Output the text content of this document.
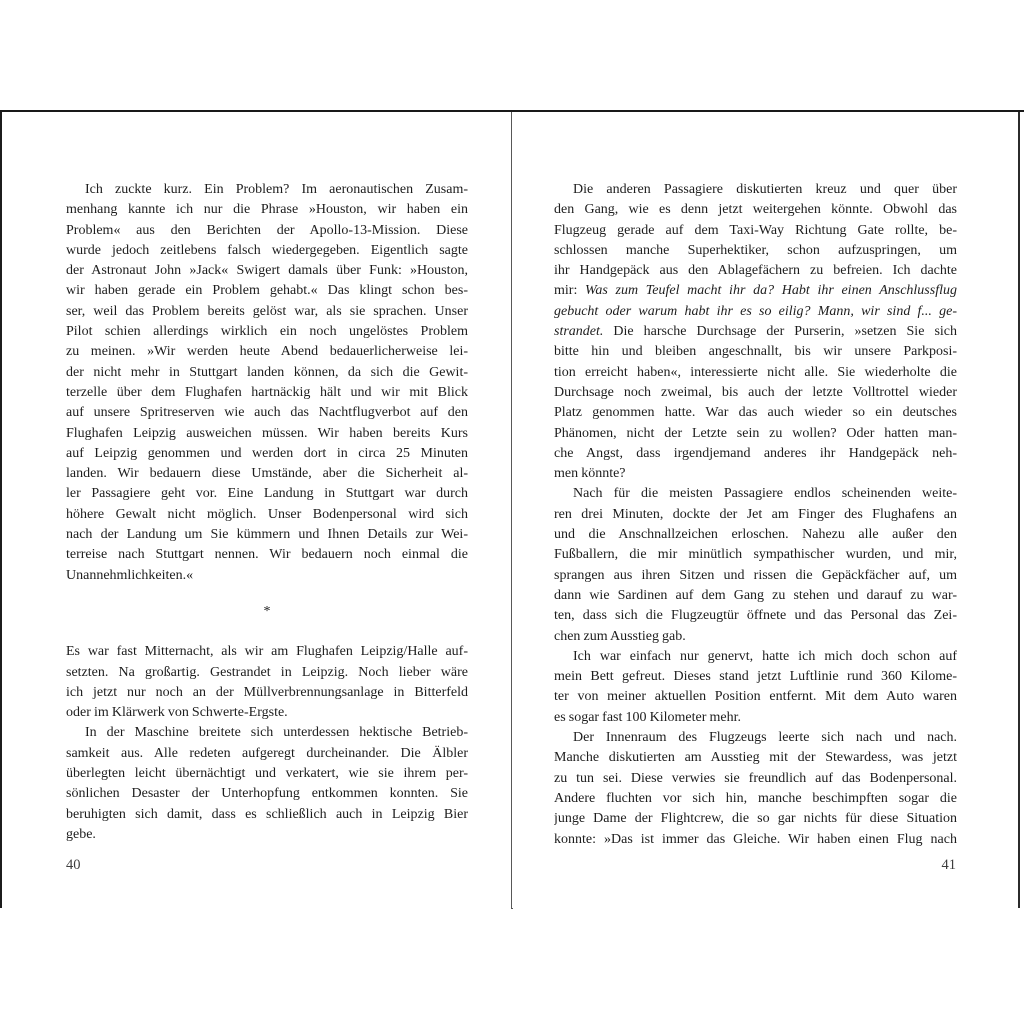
Ich zuckte kurz. Ein Problem? Im aeronautischen Zusam-
menhang kannte ich nur die Phrase »Houston, wir haben ein
Problem« aus den Berichten der Apollo-13-Mission. Diese
wurde jedoch zeitlebens falsch wiedergegeben. Eigentlich sagte
der Astronaut John »Jack« Swigert damals über Funk: »Houston,
wir haben gerade ein Problem gehabt.« Das klingt schon bes-
ser, weil das Problem bereits gelöst war, als sie sprachen. Unser
Pilot schien allerdings wirklich ein noch ungelöstes Problem
zu meinen. »Wir werden heute Abend bedauerlicherweise lei-
der nicht mehr in Stuttgart landen können, da sich die Gewit-
terzelle über dem Flughafen hartnäckig hält und wir mit Blick
auf unsere Spritreserven wie auch das Nachtflugverbot auf den
Flughafen Leipzig ausweichen müssen. Wir haben bereits Kurs
auf Leipzig genommen und werden dort in circa 25 Minuten
landen. Wir bedauern diese Umstände, aber die Sicherheit al-
ler Passagiere geht vor. Eine Landung in Stuttgart war durch
höhere Gewalt nicht möglich. Unser Bodenpersonal wird sich
nach der Landung um Sie kümmern und Ihnen Details zur Wei-
terreise nach Stuttgart nennen. Wir bedauern noch einmal die
Unannehmlichkeiten.«
*
Es war fast Mitternacht, als wir am Flughafen Leipzig/Halle auf-
setzten. Na großartig. Gestrandet in Leipzig. Noch lieber wäre
ich jetzt nur noch an der Müllverbrennungsanlage in Bitterfeld
oder im Klärwerk von Schwerte-Ergste.
In der Maschine breitete sich unterdessen hektische Betrieb-
samkeit aus. Alle redeten aufgeregt durcheinander. Die Älbler
überlegten leicht übernächtigt und verkatert, wie sie ihrem per-
sönlichen Desaster der Unterhopfung entkommen konnten. Sie
beruhigten sich damit, dass es schließlich auch in Leipzig Bier
gebe.
40
Die anderen Passagiere diskutierten kreuz und quer über
den Gang, wie es denn jetzt weitergehen könnte. Obwohl das
Flugzeug gerade auf dem Taxi-Way Richtung Gate rollte, be-
schlossen manche Superhektiker, schon aufzuspringen, um
ihr Handgepäck aus den Ablagefächern zu befreien. Ich dachte
mir: Was zum Teufel macht ihr da? Habt ihr einen Anschlussflug
gebucht oder warum habt ihr es so eilig? Mann, wir sind f... ge-
strandet. Die harsche Durchsage der Purserin, »setzen Sie sich
bitte hin und bleiben angeschnallt, bis wir unsere Parkposi-
tion erreicht haben«, interessierte nicht alle. Sie wiederholte die
Durchsage noch zweimal, bis auch der letzte Volltrottel wieder
Platz genommen hatte. War das auch wieder so ein deutsches
Phänomen, nicht der Letzte sein zu wollen? Oder hatten man-
che Angst, dass irgendjemand anderes ihr Handgepäck neh-
men könnte?
Nach für die meisten Passagiere endlos scheinenden weite-
ren drei Minuten, dockte der Jet am Finger des Flughafens an
und die Anschnallzeichen erloschen. Nahezu alle außer den
Fußballern, die mir minütlich sympathischer wurden, und mir,
sprangen aus ihren Sitzen und rissen die Gepäckfächer auf, um
dann wie Sardinen auf dem Gang zu stehen und darauf zu war-
ten, dass sich die Flugzeugtür öffnete und das Personal das Zei-
chen zum Ausstieg gab.
Ich war einfach nur genervt, hatte ich mich doch schon auf
mein Bett gefreut. Dieses stand jetzt Luftlinie rund 360 Kilome-
ter von meiner aktuellen Position entfernt. Mit dem Auto waren
es sogar fast 100 Kilometer mehr.
Der Innenraum des Flugzeugs leerte sich nach und nach.
Manche diskutierten am Ausstieg mit der Stewardess, was jetzt
zu tun sei. Diese verwies sie freundlich auf das Bodenpersonal.
Andere fluchten vor sich hin, manche beschimpften sogar die
junge Dame der Flightcrew, die so gar nichts für diese Situation
konnte: »Das ist immer das Gleiche. Wir haben einen Flug nach
41
